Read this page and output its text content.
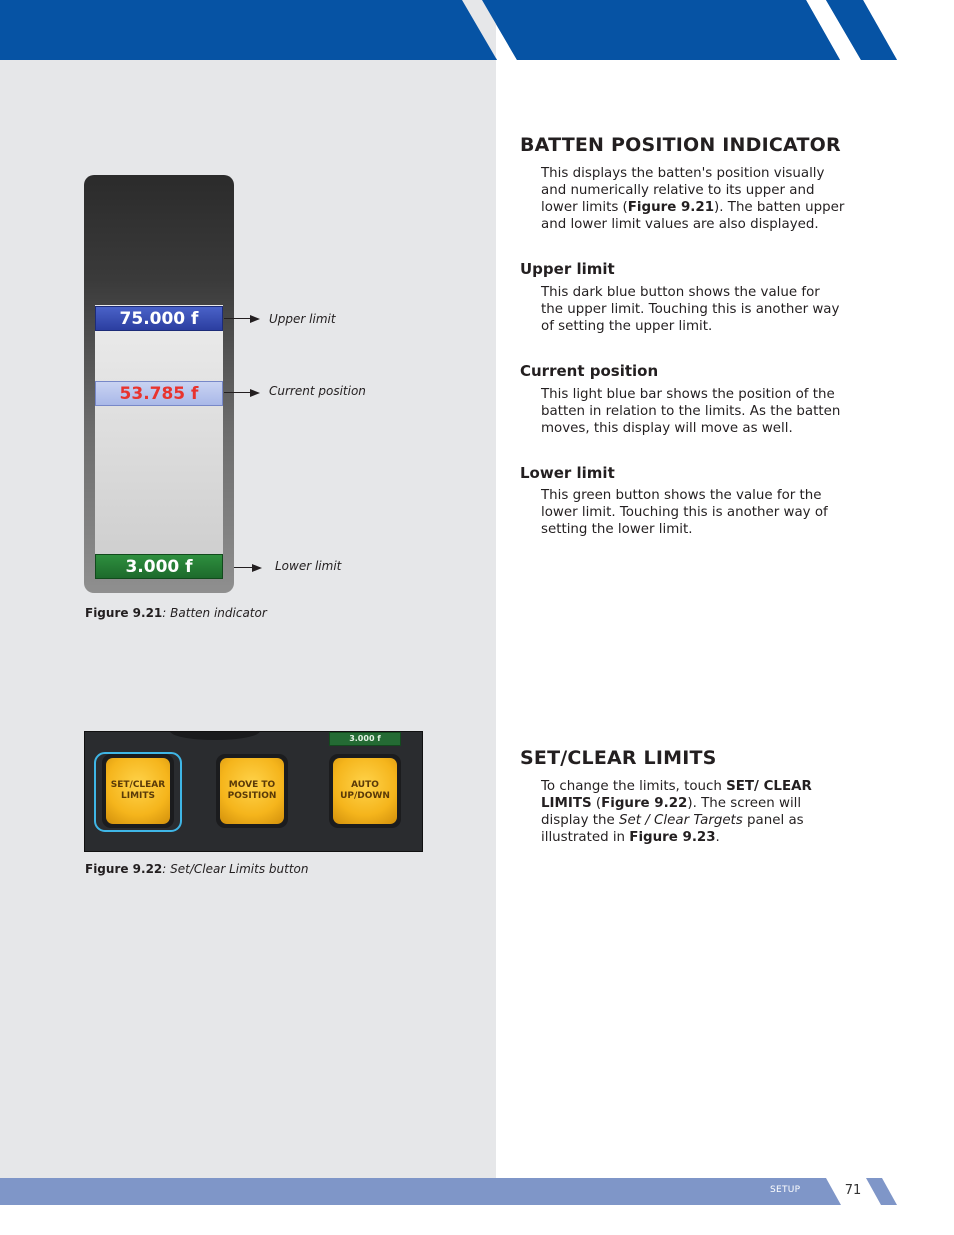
75.000 f
53.785 f
3.000 f
Upper limit
Current position
Lower limit
Figure 9.21: Batten indicator
3.000 f
SET/CLEAR LIMITS
MOVE TO POSITION
AUTO UP/DOWN
Figure 9.22: Set/Clear Limits button
BATTEN POSITION INDICATOR
This displays the batten's position visually and numerically relative to its upper and lower limits (Figure 9.21). The batten upper and lower limit values are also displayed.
Upper limit
This dark blue button shows the value for the upper limit. Touching this is another way of setting the upper limit.
Current position
This light blue bar shows the position of the batten in relation to the limits. As the batten moves, this display will move as well.
Lower limit
This green button shows the value for the lower limit. Touching this is another way of setting the lower limit.
SET/CLEAR LIMITS
To change the limits, touch SET/ CLEAR LIMITS (Figure 9.22). The screen will display the Set / Clear Targets panel as illustrated in Figure 9.23.
SETUP	71
